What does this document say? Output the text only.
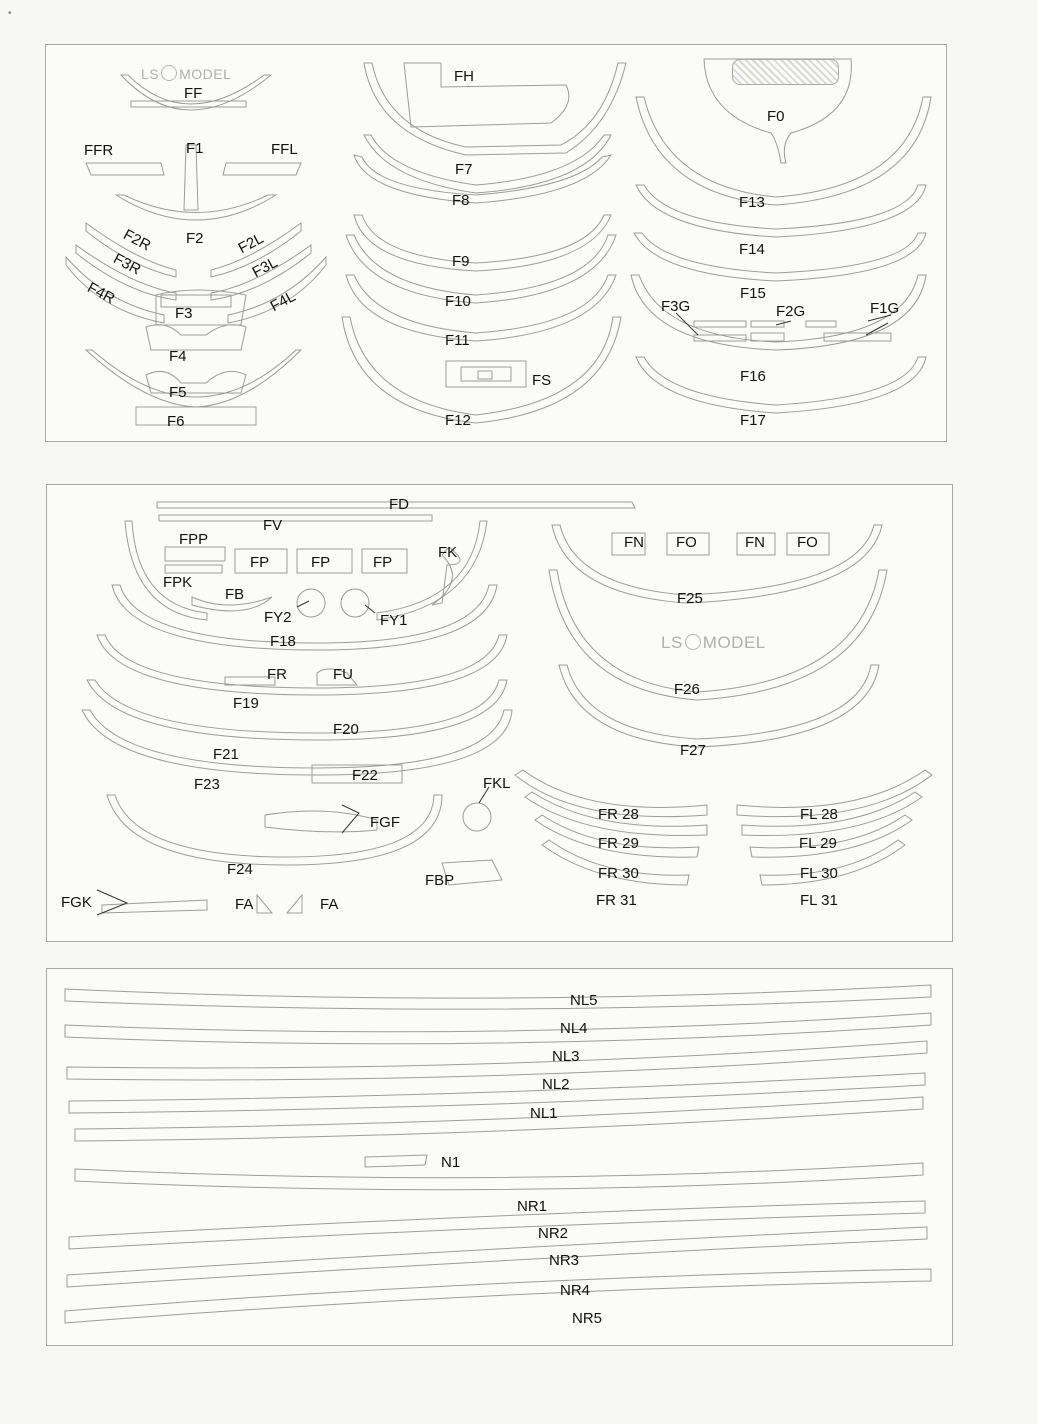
LS MODEL
FF
F1
FFR	FFL
F2
F2R	F2L
F3R	F3L
F4R	F4L
F3
F4
F5
F6
FH
F7
F8
F9
F10
F11
FS
F12
F0
F13
F14
F15
F3G	F2G	F1G
F16
F17
LS MODEL
FD
FV
FPP
FP	FP	FP
FK
FPK
FB
FY2	FY1
F18
FR	FU
F19
F20
F21
F22
F23
FGF
F24
FGK	FA	FA
FBP
FKL
FN FO	FN FO
F25
F26
F27
FR 28
FR 29
FR 30
FR 31
FL 28
FL 29
FL 30
FL 31
NL5
NL4
NL3
NL2
NL1
N1
NR1
NR2
NR3
NR4
NR5
•
